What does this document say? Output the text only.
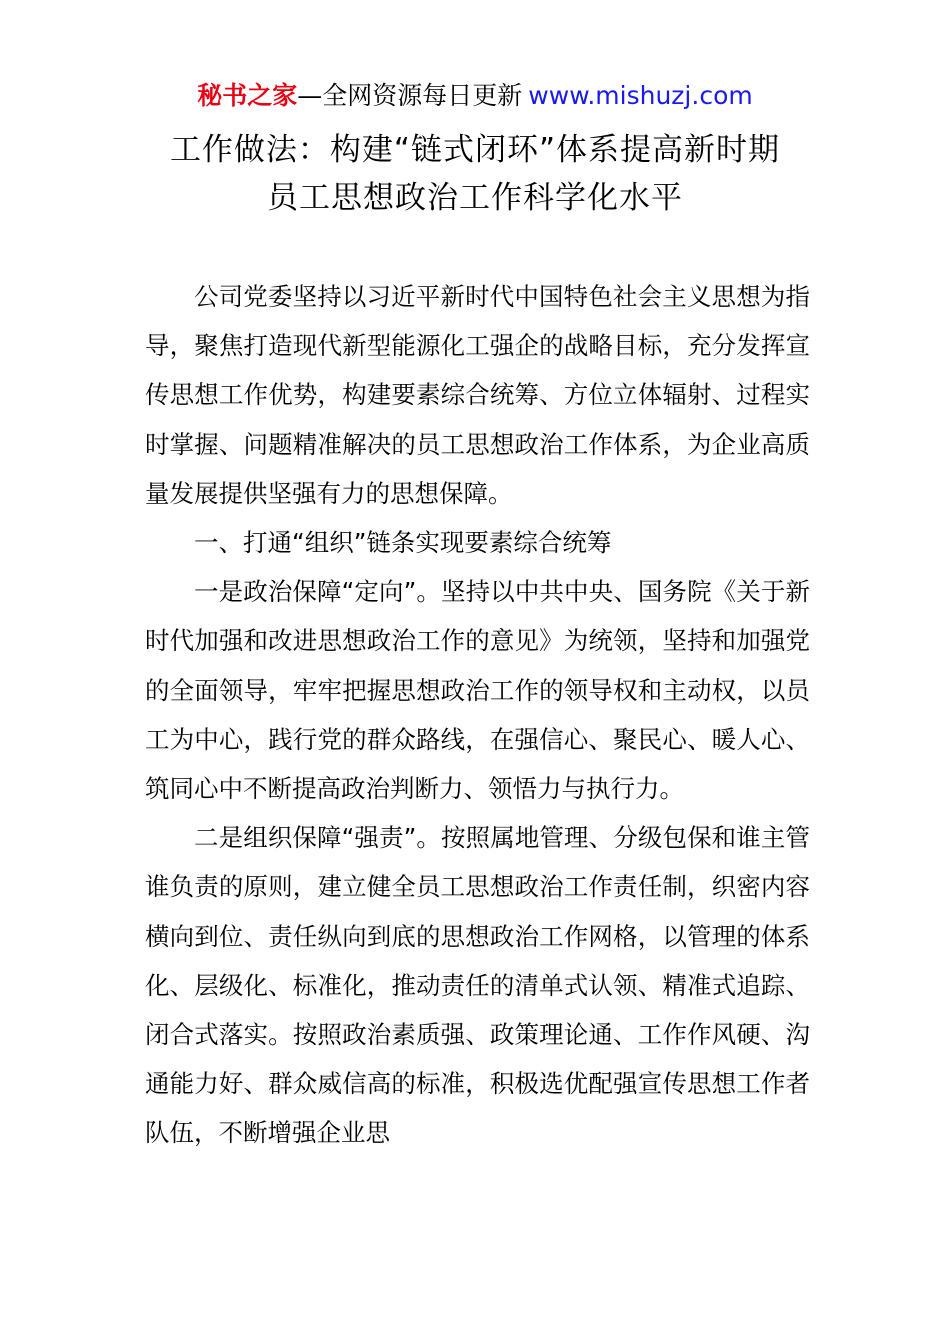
秘书之家—全网资源每日更新 www.mishuzj.com
工作做法：构建“链式闭环”体系提高新时期
员工思想政治工作科学化水平

公司党委坚持以习近平新时代中国特色社会主义思想为指导，聚焦打造现代新型能源化工强企的战略目标，充分发挥宣传思想工作优势，构建要素综合统筹、方位立体辐射、过程实时掌握、问题精准解决的员工思想政治工作体系，为企业高质量发展提供坚强有力的思想保障。

一、打通“组织”链条实现要素综合统筹

一是政治保障“定向”。坚持以中共中央、国务院《关于新时代加强和改进思想政治工作的意见》为统领，坚持和加强党的全面领导，牢牢把握思想政治工作的领导权和主动权，以员工为中心，践行党的群众路线，在强信心、聚民心、暖人心、筑同心中不断提高政治判断力、领悟力与执行力。

二是组织保障“强责”。按照属地管理、分级包保和谁主管谁负责的原则，建立健全员工思想政治工作责任制，织密内容横向到位、责任纵向到底的思想政治工作网格，以管理的体系化、层级化、标准化，推动责任的清单式认领、精准式追踪、闭合式落实。按照政治素质强、政策理论通、工作作风硬、沟通能力好、群众威信高的标准，积极选优配强宣传思想工作者队伍，不断增强企业思
